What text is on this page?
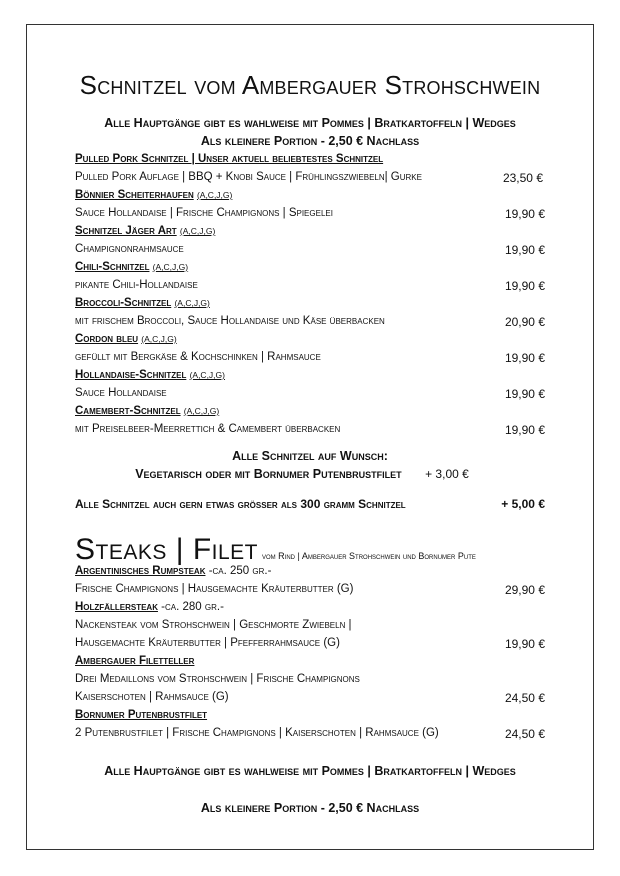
Schnitzel vom Ambergauer Strohschwein
Alle Hauptgänge gibt es wahlweise mit Pommes | Bratkartoffeln | Wedges
Als kleinere Portion - 2,50 € Nachlass
Pulled Pork Schnitzel | Unser aktuell beliebtestes Schnitzel
Pulled Pork Auflage | BBQ + Knobi Sauce | Frühlingszwiebeln| Gurke	23,50 €
Bönnier Scheiterhaufen (A,C,J,G)
Sauce Hollandaise | Frische Champignons | Spiegelei	19,90 €
Schnitzel Jäger Art (A,C,J,G)
Champignonrahmsauce	19,90 €
Chili-Schnitzel (A,C,J,G)
pikante Chili-Hollandaise	19,90 €
Broccoli-Schnitzel (A,C,J,G)
mit frischem Broccoli, Sauce Hollandaise und Käse überbacken	20,90 €
Cordon bleu (A,C,J,G)
gefüllt mit Bergkäse & Kochschinken | Rahmsauce	19,90 €
Hollandaise-Schnitzel (A,C,J,G)
Sauce Hollandaise	19,90 €
Camembert-Schnitzel (A,C,J,G)
mit Preiselbeer-Meerrettich & Camembert überbacken	19,90 €
Alle Schnitzel auf Wunsch:
Vegetarisch oder mit Bornumer Putenbrustfilet + 3,00 €
Alle Schnitzel auch gern etwas größer als 300 gramm Schnitzel	+ 5,00 €
Steaks | Filet vom Rind | Ambergauer Strohschwein und Bornumer Pute
Argentinisches Rumpsteak -ca. 250 gr.-
Frische Champignons | Hausgemachte Kräuterbutter (G)	29,90 €
Holzfällersteak -ca. 280 gr.-
Nackensteak vom Strohschwein | Geschmorte Zwiebeln |
Hausgemachte Kräuterbutter | Pfefferrahmsauce (G)	19,90 €
Ambergauer Filetteller
Drei Medaillons vom Strohschwein | Frische Champignons
Kaiserschoten | Rahmsauce (G)	24,50 €
Bornumer Putenbrustfilet
2 Putenbrustfilet | Frische Champignons | Kaiserschoten | Rahmsauce (G)	24,50 €
Alle Hauptgänge gibt es wahlweise mit Pommes | Bratkartoffeln | Wedges
Als kleinere Portion - 2,50 € Nachlass
